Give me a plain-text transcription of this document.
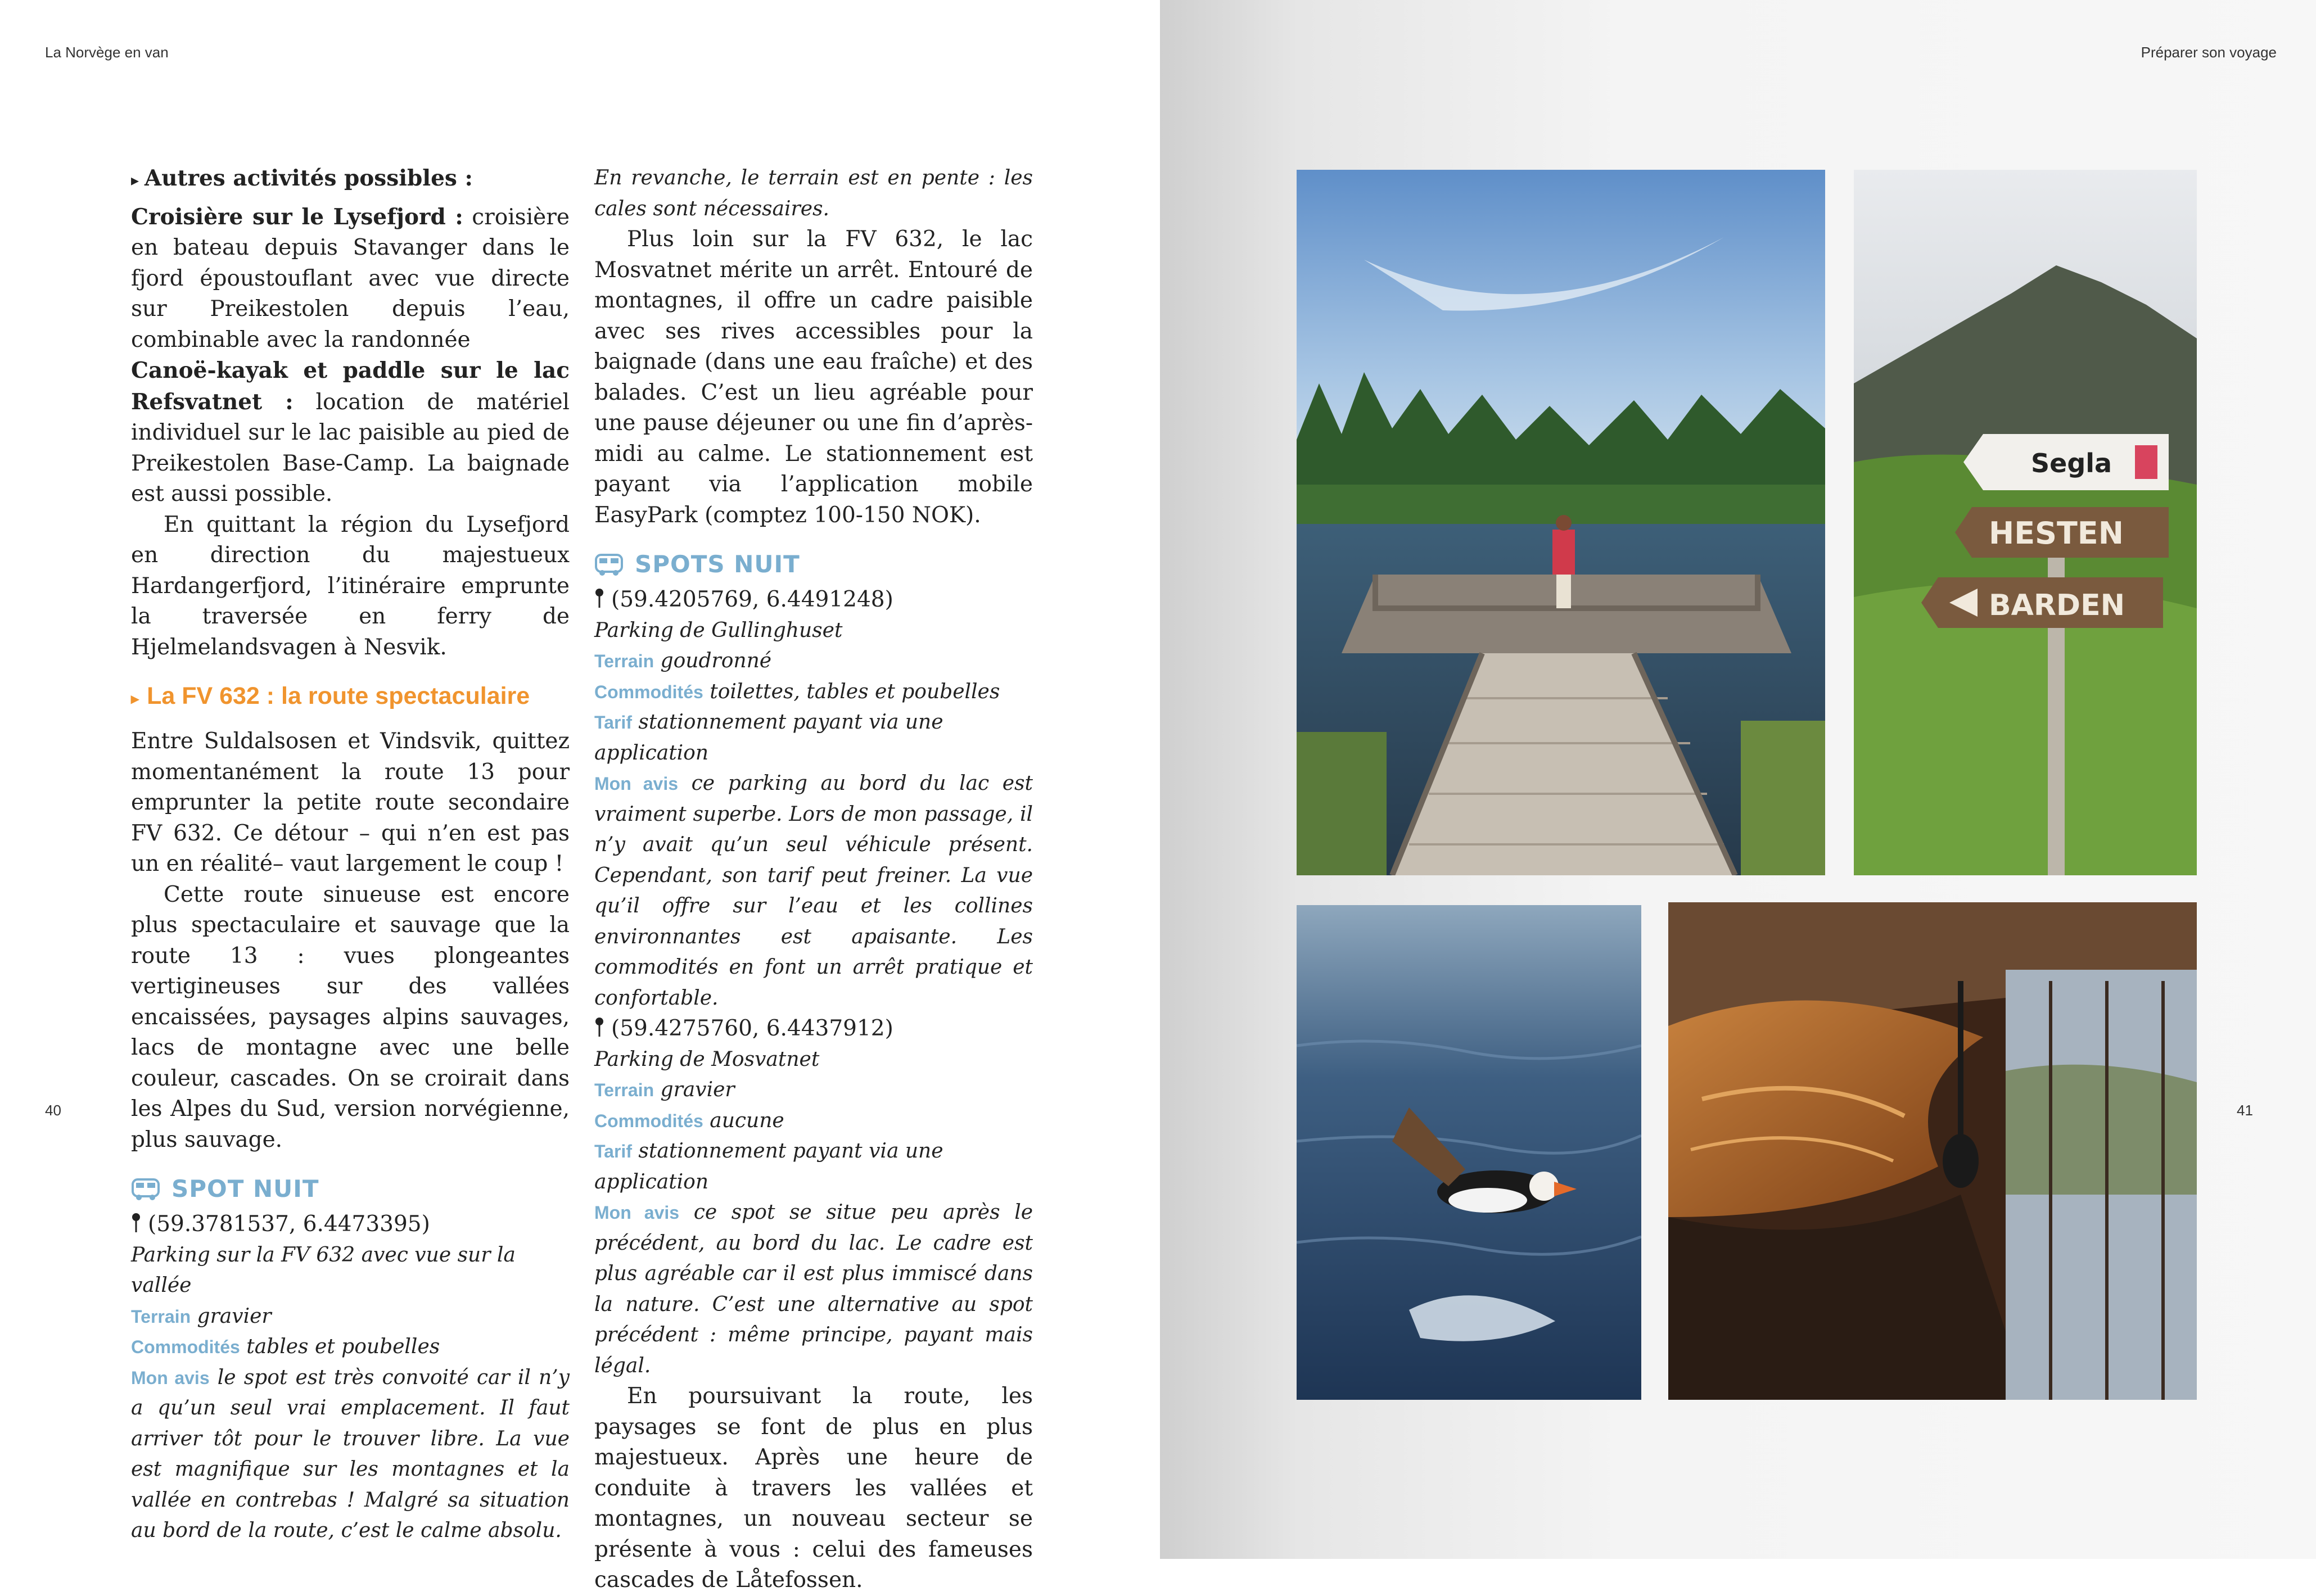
La Norvège en van	Préparer son voyage
40	41

▸ Autres activités possibles :

Croisière sur le Lysefjord : croisière en bateau depuis Stavanger dans le fjord époustouflant avec vue directe sur Preikestolen depuis l’eau, combinable avec la randonnée

Canoë-kayak et paddle sur le lac Refsvatnet : location de matériel individuel sur le lac paisible au pied de Preikestolen Base-Camp. La baignade est aussi possible.

En quittant la région du Lysefjord en direction du majestueux Hardangerfjord, l’itinéraire emprunte la traversée en ferry de Hjelmelandsvagen à Nesvik.

▸ La FV 632 : la route spectaculaire

Entre Suldalsosen et Vindsvik, quittez momentanément la route 13 pour emprunter la petite route secondaire FV 632. Ce détour – qui n’en est pas un en réalité– vaut largement le coup !

Cette route sinueuse est encore plus spectaculaire et sauvage que la route 13 : vues plongeantes vertigineuses sur des vallées encaissées, paysages alpins sauvages, lacs de montagne avec une belle couleur, cascades. On se croirait dans les Alpes du Sud, version norvégienne, plus sauvage.

SPOT NUIT

(59.3781537, 6.4473395)

Parking sur la FV 632 avec vue sur la vallée

Terrain gravier

Commodités tables et poubelles

Mon avis le spot est très convoité car il n’y a qu’un seul vrai emplacement. Il faut arriver tôt pour le trouver libre. La vue est magnifique sur les montagnes et la vallée en contrebas ! Malgré sa situation au bord de la route, c’est le calme absolu.

En revanche, le terrain est en pente : les cales sont nécessaires.

Plus loin sur la FV 632, le lac Mosvatnet mérite un arrêt. Entouré de montagnes, il offre un cadre paisible avec ses rives accessibles pour la baignade (dans une eau fraîche) et des balades. C’est un lieu agréable pour une pause déjeuner ou une fin d’après-midi au calme. Le stationnement est payant via l’application mobile EasyPark (comptez 100-150 NOK).

SPOTS NUIT

(59.4205769, 6.4491248)

Parking de Gullinghuset

Terrain goudronné

Commodités toilettes, tables et poubelles

Tarif stationnement payant via une application

Mon avis ce parking au bord du lac est vraiment superbe. Lors de mon passage, il n’y avait qu’un seul véhicule présent. Cependant, son tarif peut freiner. La vue qu’il offre sur l’eau et les collines environnantes est apaisante. Les commodités en font un arrêt pratique et confortable.

(59.4275760, 6.4437912)

Parking de Mosvatnet

Terrain gravier

Commodités aucune

Tarif stationnement payant via une application

Mon avis ce spot se situe peu après le précédent, au bord du lac. Le cadre est plus agréable car il est plus immiscé dans la nature. C’est une alternative au spot précédent : même principe, payant mais légal.

En poursuivant la route, les paysages se font de plus en plus majestueux. Après une heure de conduite à travers les vallées et montagnes, un nouveau secteur se présente à vous : celui des fameuses cascades de Låtefossen.

Segla
HESTEN
BARDEN
